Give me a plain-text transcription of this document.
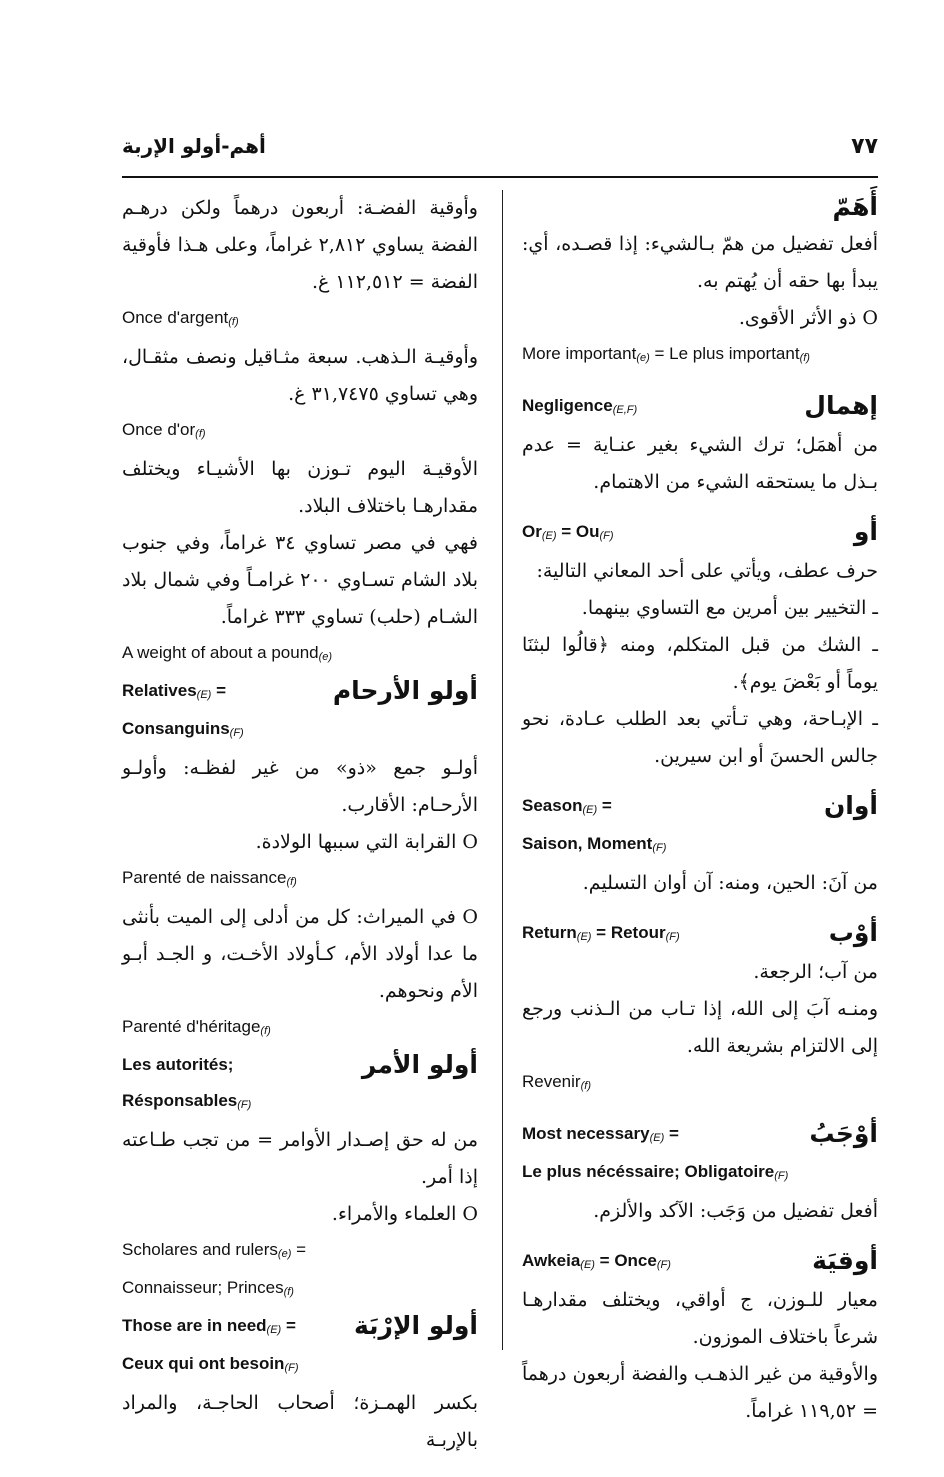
أهم-أولو الإربة	٧٧
أَهَمّ
أفعل تفضيل من همّ بـالشيء: إذا قصـده، أي: يبدأ بها حقه أن يُهتم به.
O ذو الأثر الأقوى.
More important(e) = Le plus important(f)
Negligence(E,F)	إهمال
من أهمَل؛ ترك الشيء بغير عنـاية = عدم بـذل ما يستحقه الشيء من الاهتمام.
Or(E) = Ou(F)	أو
حرف عطف، ويأتي على أحد المعاني التالية:
ـ التخيير بين أمرين مع التساوي بينهما.
ـ الشك من قبل المتكلم، ومنه ﴿قالُوا لبثنَا يوماً أو بَعْضَ يوم﴾.
ـ الإبـاحة، وهي تـأتي بعد الطلب عـادة، نحو جالس الحسنَ أو ابن سيرين.
Season(E) =	أوان
Saison, Moment(F)
من آنَ: الحين، ومنه: آن أوان التسليم.
Return(E) = Retour(F)	أوْب
من آب؛ الرجعة.
ومنـه آبَ إلى الله، إذا تـاب من الـذنب ورجع إلى الالتزام بشريعة الله.
Revenir(f)
Most necessary(E) =	أوْجَبُ
Le plus nécéssaire; Obligatoire(F)
أفعل تفضيل من وَجَب: الآكد والألزم.
Awkeia(E) = Once(F)	أوقيَة
معيار للـوزن، ج أواقي، ويختلف مقدارهـا شرعاً باختلاف الموزون.
والأوقية من غير الذهـب والفضة أربعون درهماً = ١١٩,٥٢ غراماً.
وأوقية الفضـة: أربعون درهماً ولكن درهـم الفضة يساوي ٢,٨١٢ غراماً، وعلى هـذا فأوقية الفضة = ١١٢,٥١٢ غ.
Once d'argent(f)
وأوقيـة الـذهب. سبعة مثـاقيل ونصف مثقـال، وهي تساوي ٣١,٧٤٧٥ غ.
Once d'or(f)
الأوقيـة اليوم تـوزن بها الأشيـاء ويختلف مقدارهـا باختلاف البلاد.
فهي في مصر تساوي ٣٤ غراماً، وفي جنوب بلاد الشام تسـاوي ٢٠٠ غرامـاً وفي شمال بلاد الشـام (حلب) تساوي ٣٣٣ غراماً.
A weight of about a pound(e)
Relatives(E) =	أولو الأرحام
Consanguins(F)
أولـو جمع «ذو» من غير لفظـه: وأولـو الأرحـام: الأقارب.
O القرابة التي سببها الولادة.
Parenté de naissance(f)
O في الميراث: كل من أدلى إلى الميت بأنثى ما عدا أولاد الأم، كـأولاد الأخـت، و الجـد أبـو الأم ونحوهم.
Parenté d'héritage(f)
Les autorités;	أولو الأمر
Résponsables(F)
من له حق إصـدار الأوامر = من تجب طـاعته إذا أمر.
O العلماء والأمراء.
Scholares and rulers(e) =
Connaisseur; Princes(f)
Those are in need(E) = أولو الإرْبَة
Ceux qui ont besoin(F)
بكسر الهمـزة؛ أصحاب الحاجـة، والمراد بالإربـة
